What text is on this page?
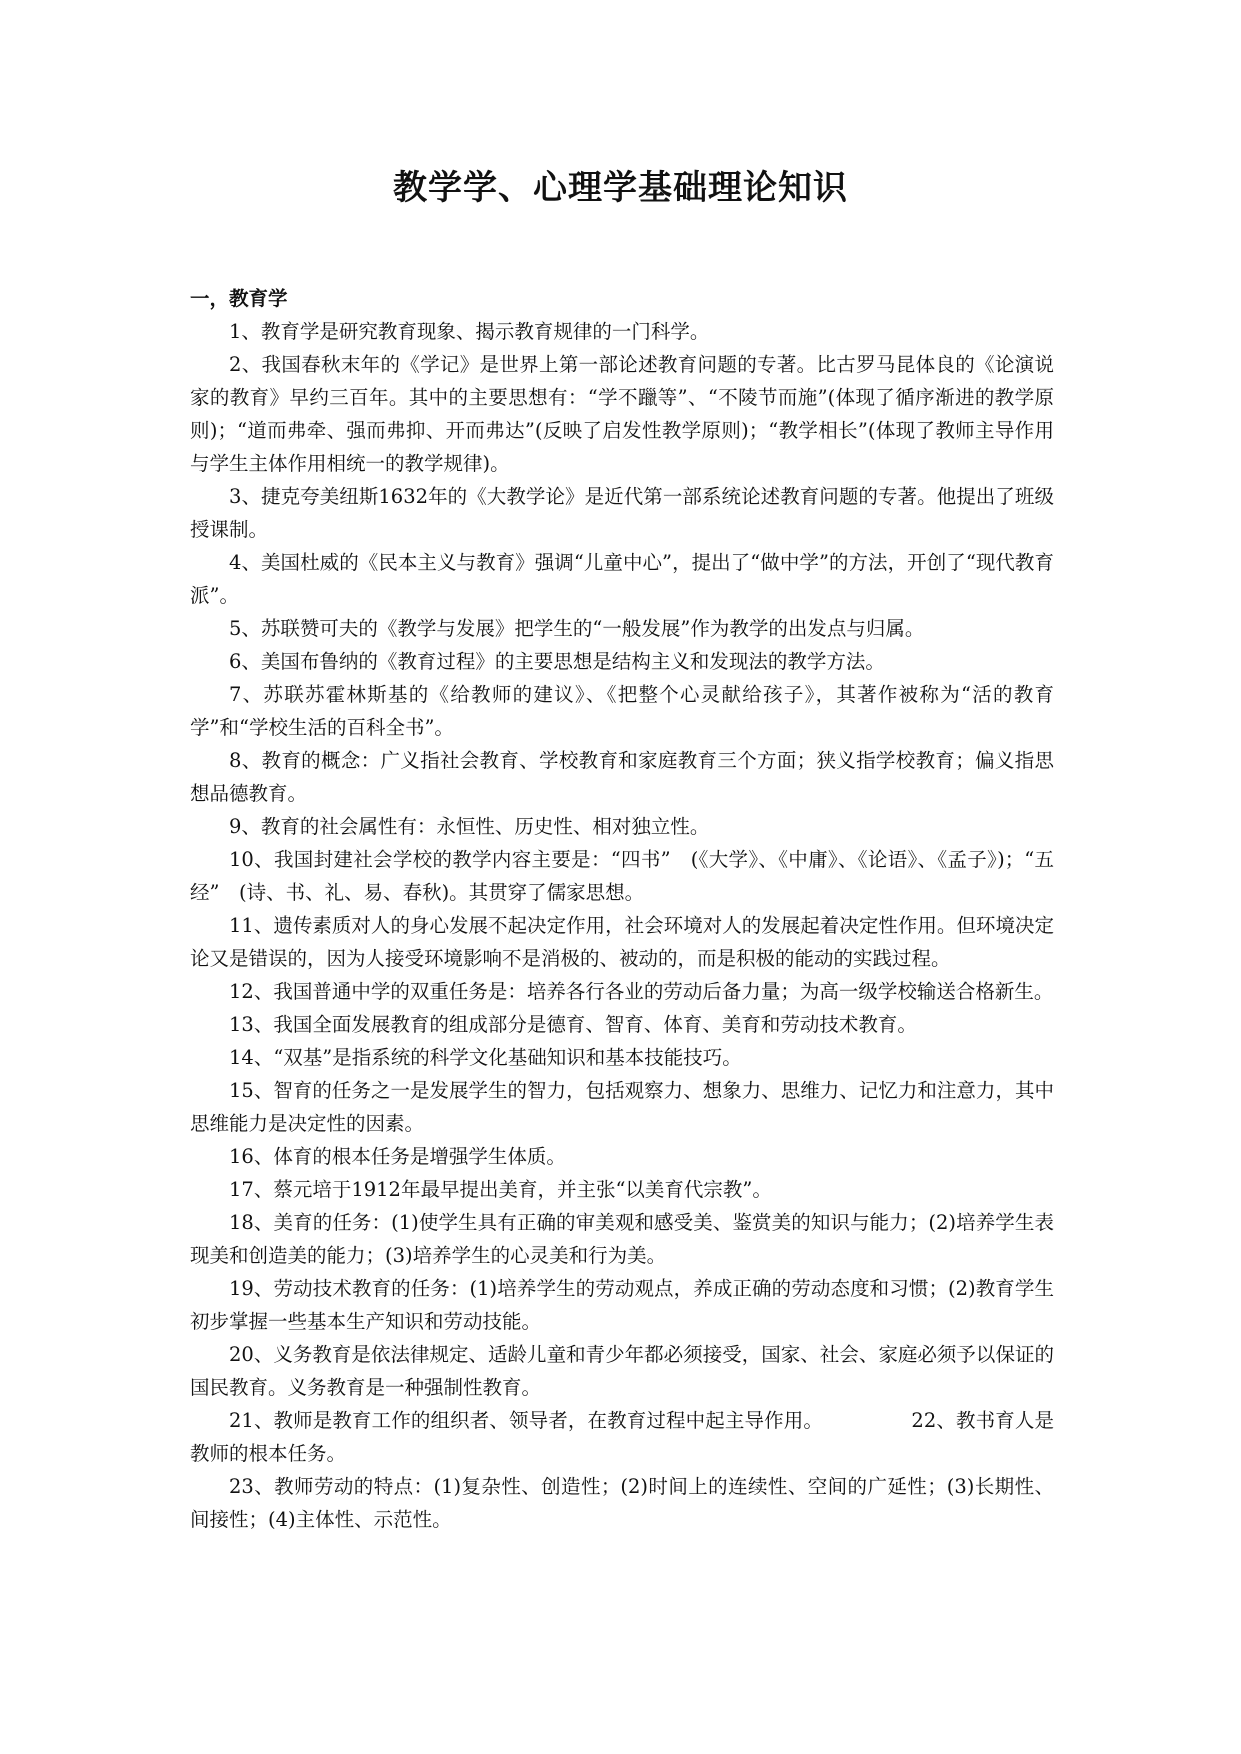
教学学、心理学基础理论知识

一，教育学

1、教育学是研究教育现象、揭示教育规律的一门科学。

2、我国春秋末年的《学记》是世界上第一部论述教育问题的专著。比古罗马昆体良的《论演说家的教育》早约三百年。其中的主要思想有：“学不躐等”、“不陵节而施”(体现了循序渐进的教学原则)；“道而弗牵、强而弗抑、开而弗达”(反映了启发性教学原则)；“教学相长”(体现了教师主导作用与学生主体作用相统一的教学规律)。

3、捷克夸美纽斯1632年的《大教学论》是近代第一部系统论述教育问题的专著。他提出了班级授课制。

4、美国杜威的《民本主义与教育》强调“儿童中心”，提出了“做中学”的方法，开创了“现代教育派”。

5、苏联赞可夫的《教学与发展》把学生的“一般发展”作为教学的出发点与归属。

6、美国布鲁纳的《教育过程》的主要思想是结构主义和发现法的教学方法。

7、苏联苏霍林斯基的《给教师的建议》、《把整个心灵献给孩子》，其著作被称为“活的教育学”和“学校生活的百科全书”。

8、教育的概念：广义指社会教育、学校教育和家庭教育三个方面；狭义指学校教育；偏义指思想品德教育。

9、教育的社会属性有：永恒性、历史性、相对独立性。

10、我国封建社会学校的教学内容主要是：“四书”　(《大学》、《中庸》、《论语》、《孟子》)；“五经”　(诗、书、礼、易、春秋)。其贯穿了儒家思想。

11、遗传素质对人的身心发展不起决定作用，社会环境对人的发展起着决定性作用。但环境决定论又是错误的，因为人接受环境影响不是消极的、被动的，而是积极的能动的实践过程。

12、我国普通中学的双重任务是：培养各行各业的劳动后备力量；为高一级学校输送合格新生。

13、我国全面发展教育的组成部分是德育、智育、体育、美育和劳动技术教育。

14、“双基”是指系统的科学文化基础知识和基本技能技巧。

15、智育的任务之一是发展学生的智力，包括观察力、想象力、思维力、记忆力和注意力，其中思维能力是决定性的因素。

16、体育的根本任务是增强学生体质。

17、蔡元培于1912年最早提出美育，并主张“以美育代宗教”。

18、美育的任务：(1)使学生具有正确的审美观和感受美、鉴赏美的知识与能力；(2)培养学生表现美和创造美的能力；(3)培养学生的心灵美和行为美。

19、劳动技术教育的任务：(1)培养学生的劳动观点，养成正确的劳动态度和习惯；(2)教育学生初步掌握一些基本生产知识和劳动技能。

20、义务教育是依法律规定、适龄儿童和青少年都必须接受，国家、社会、家庭必须予以保证的国民教育。义务教育是一种强制性教育。

21、教师是教育工作的组织者、领导者，在教育过程中起主导作用。　　　　　22、教书育人是教师的根本任务。

23、教师劳动的特点：(1)复杂性、创造性；(2)时间上的连续性、空间的广延性；(3)长期性、间接性；(4)主体性、示范性。
